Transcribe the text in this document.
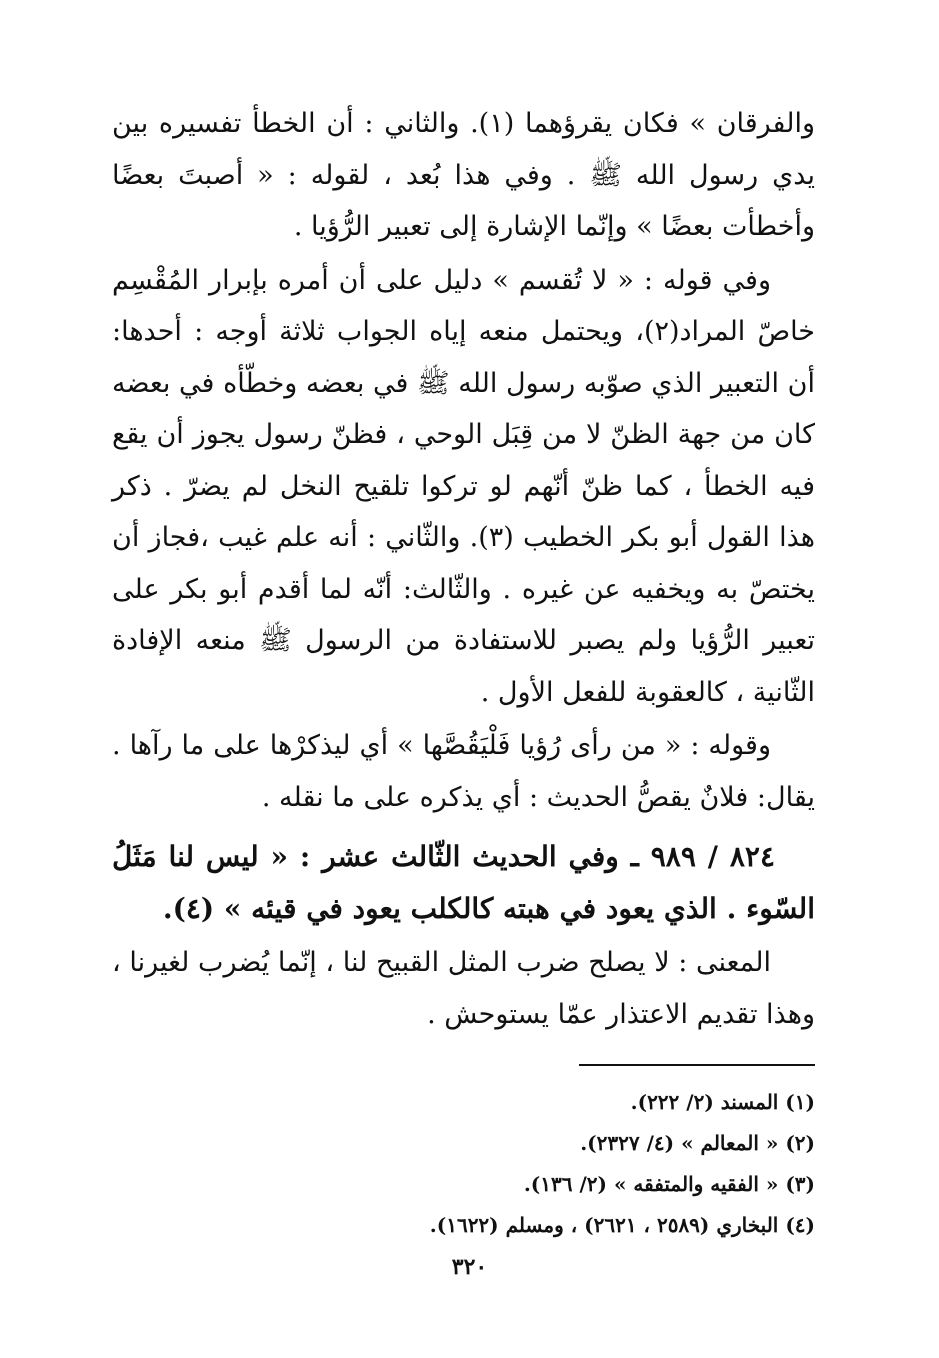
والفرقان » فكان يقرؤهما (١). والثاني : أن الخطأ تفسيره بين يدي رسول الله ﷺ . وفي هذا بُعد ، لقوله : « أصبتَ بعضًا وأخطأت بعضًا » وإنّما الإشارة إلى تعبير الرُّؤيا .

وفي قوله : « لا تُقسم » دليل على أن أمره بإبرار المُقْسِم خاصّ المراد(٢)، ويحتمل منعه إياه الجواب ثلاثة أوجه : أحدها: أن التعبير الذي صوّبه رسول الله ﷺ في بعضه وخطّأه في بعضه كان من جهة الظنّ لا من قِبَل الوحي ، فظنّ رسول يجوز أن يقع فيه الخطأ ، كما ظنّ أنّهم لو تركوا تلقيح النخل لم يضرّ . ذكر هذا القول أبو بكر الخطيب (٣). والثّاني : أنه علم غيب ،فجاز أن يختصّ به ويخفيه عن غيره . والثّالث: أنّه لما أقدم أبو بكر على تعبير الرُّؤيا ولم يصبر للاستفادة من الرسول ﷺ منعه الإفادة الثّانية ، كالعقوبة للفعل الأول .

وقوله : « من رأى رُؤيا فَلْيَقُصَّها » أي ليذكرْها على ما رآها . يقال: فلانٌ يقصُّ الحديث : أي يذكره على ما نقله .

٨٢٤ / ٩٨٩ ـ وفي الحديث الثّالث عشر : « ليس لنا مَثَلُ السّوء . الذي يعود في هبته كالكلب يعود في قيئه » (٤).

المعنى : لا يصلح ضرب المثل القبيح لنا ، إنّما يُضرب لغيرنا ، وهذا تقديم الاعتذار عمّا يستوحش .

(١) المسند (٢/ ٢٢٢).

(٢) « المعالم » (٤/ ٢٣٢٧).

(٣) « الفقيه والمتفقه » (٢/ ١٣٦).

(٤) البخاري (٢٥٨٩ ، ٢٦٢١) ، ومسلم (١٦٢٢).

٣٢٠
